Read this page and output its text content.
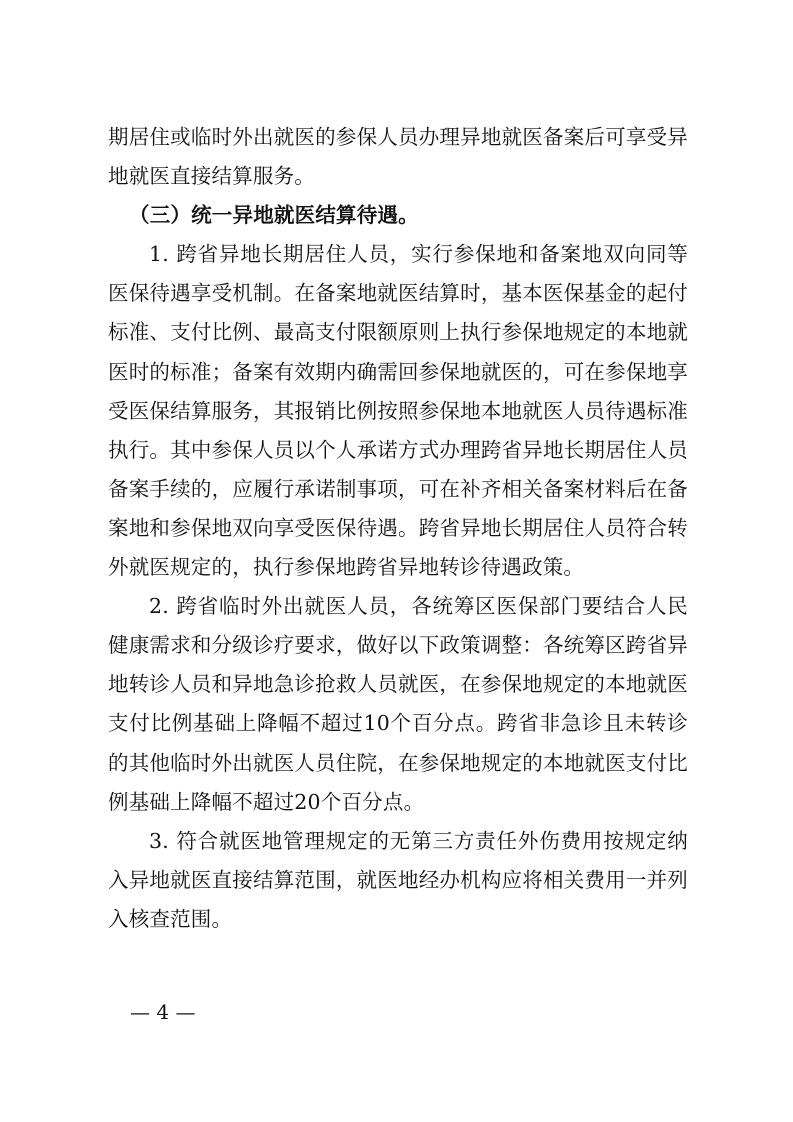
期居住或临时外出就医的参保人员办理异地就医备案后可享受异地就医直接结算服务。

（三）统一异地就医结算待遇。

1. 跨省异地长期居住人员，实行参保地和备案地双向同等医保待遇享受机制。在备案地就医结算时，基本医保基金的起付标准、支付比例、最高支付限额原则上执行参保地规定的本地就医时的标准；备案有效期内确需回参保地就医的，可在参保地享受医保结算服务，其报销比例按照参保地本地就医人员待遇标准执行。其中参保人员以个人承诺方式办理跨省异地长期居住人员备案手续的，应履行承诺制事项，可在补齐相关备案材料后在备案地和参保地双向享受医保待遇。跨省异地长期居住人员符合转外就医规定的，执行参保地跨省异地转诊待遇政策。

2. 跨省临时外出就医人员，各统筹区医保部门要结合人民健康需求和分级诊疗要求，做好以下政策调整：各统筹区跨省异地转诊人员和异地急诊抢救人员就医，在参保地规定的本地就医支付比例基础上降幅不超过10个百分点。跨省非急诊且未转诊的其他临时外出就医人员住院，在参保地规定的本地就医支付比例基础上降幅不超过20个百分点。

3. 符合就医地管理规定的无第三方责任外伤费用按规定纳入异地就医直接结算范围，就医地经办机构应将相关费用一并列入核查范围。

— 4 —
